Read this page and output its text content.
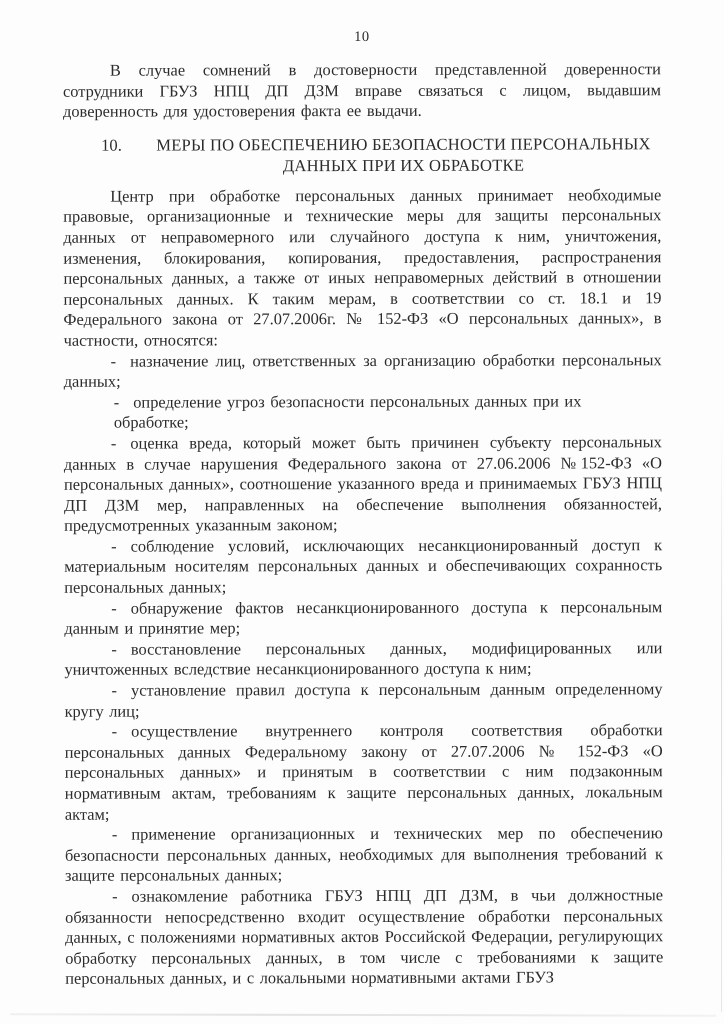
10

В случае сомнений в достоверности представленной доверенности сотрудники ГБУЗ НПЦ ДП ДЗМ вправе связаться с лицом, выдавшим доверенность для удостоверения факта ее выдачи.

10.	МЕРЫ ПО ОБЕСПЕЧЕНИЮ БЕЗОПАСНОСТИ ПЕРСОНАЛЬНЫХ ДАННЫХ ПРИ ИХ ОБРАБОТКЕ

Центр при обработке персональных данных принимает необходимые правовые, организационные и технические меры для защиты персональных данных от неправомерного или случайного доступа к ним, уничтожения, изменения, блокирования, копирования, предоставления, распространения персональных данных, а также от иных неправомерных действий в отношении персональных данных. К таким мерам, в соответствии со ст. 18.1 и 19 Федерального закона от 27.07.2006г. № 152-ФЗ «О персональных данных», в частности, относятся:

- назначение лиц, ответственных за организацию обработки персональных данных;

- определение угроз безопасности персональных данных при их обработке;

- оценка вреда, который может быть причинен субъекту персональных данных в случае нарушения Федерального закона от 27.06.2006 №152-ФЗ «О персональных данных», соотношение указанного вреда и принимаемых ГБУЗ НПЦ ДП ДЗМ мер, направленных на обеспечение выполнения обязанностей, предусмотренных указанным законом;

- соблюдение условий, исключающих несанкционированный доступ к материальным носителям персональных данных и обеспечивающих сохранность персональных данных;

- обнаружение фактов несанкционированного доступа к персональным данным и принятие мер;

- восстановление персональных данных, модифицированных или уничтоженных вследствие несанкционированного доступа к ним;

- установление правил доступа к персональным данным определенному кругу лиц;

- осуществление внутреннего контроля соответствия обработки персональных данных Федеральному закону от 27.07.2006 № 152-ФЗ «О персональных данных» и принятым в соответствии с ним подзаконным нормативным актам, требованиям к защите персональных данных, локальным актам;

- применение организационных и технических мер по обеспечению безопасности персональных данных, необходимых для выполнения требований к защите персональных данных;

- ознакомление работника ГБУЗ НПЦ ДП ДЗМ, в чьи должностные обязанности непосредственно входит осуществление обработки персональных данных, с положениями нормативных актов Российской Федерации, регулирующих обработку персональных данных, в том числе с требованиями к защите персональных данных, и с локальными нормативными актами ГБУЗ
